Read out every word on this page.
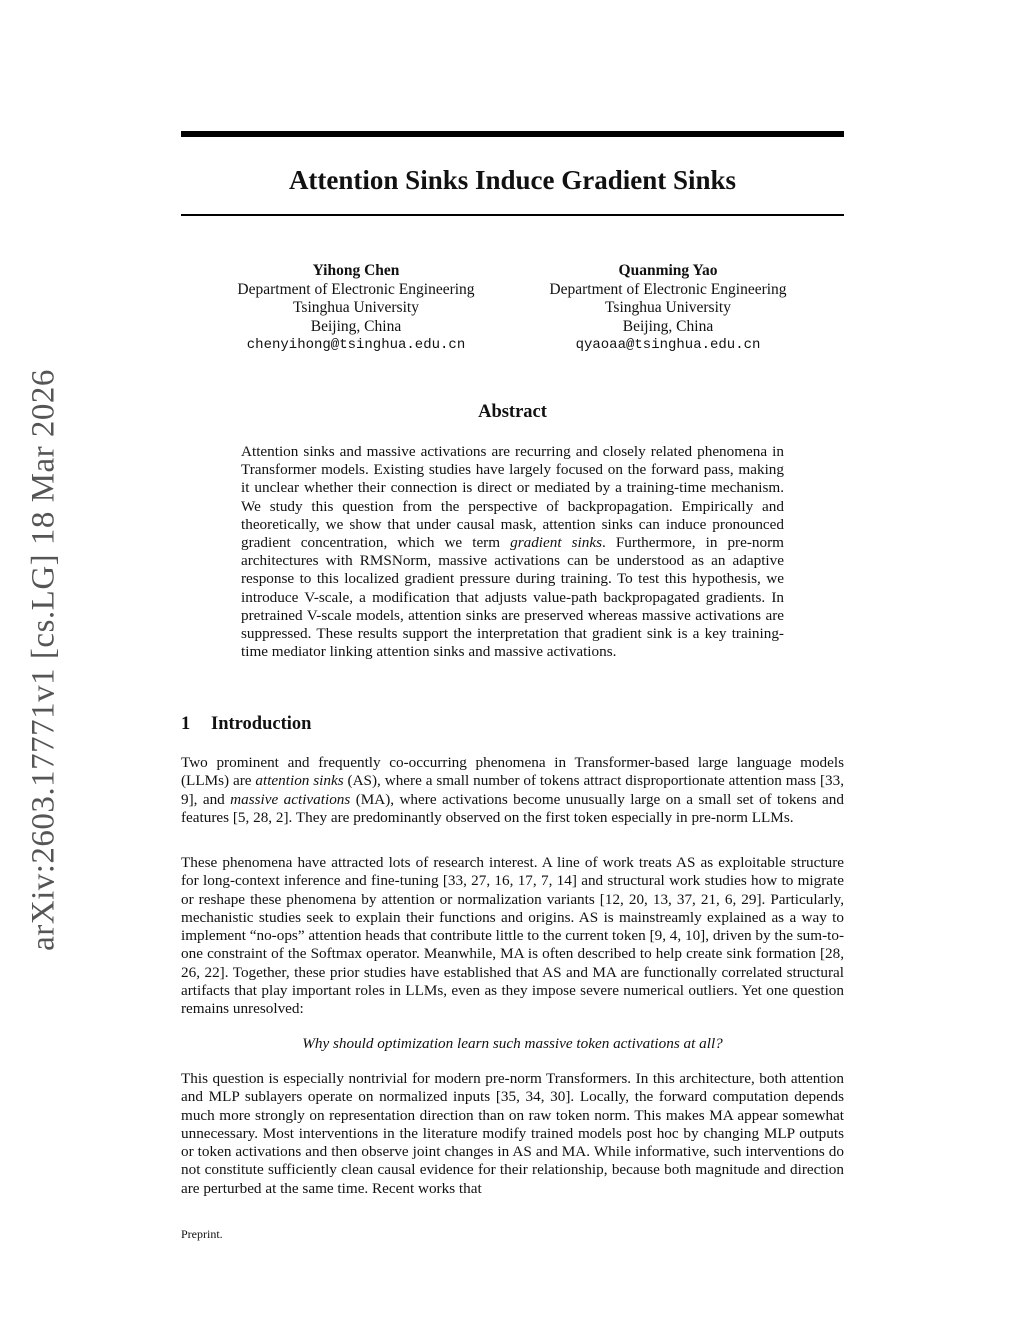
arXiv:2603.17771v1 [cs.LG] 18 Mar 2026
Attention Sinks Induce Gradient Sinks
Yihong Chen
Department of Electronic Engineering
Tsinghua University
Beijing, China
chenyihong@tsinghua.edu.cn
Quanming Yao
Department of Electronic Engineering
Tsinghua University
Beijing, China
qyaoaa@tsinghua.edu.cn
Abstract
Attention sinks and massive activations are recurring and closely related phenomena in Transformer models. Existing studies have largely focused on the forward pass, making it unclear whether their connection is direct or mediated by a training-time mechanism. We study this question from the perspective of backpropagation. Empirically and theoretically, we show that under causal mask, attention sinks can induce pronounced gradient concentration, which we term gradient sinks. Furthermore, in pre-norm architectures with RMSNorm, massive activations can be understood as an adaptive response to this localized gradient pressure during training. To test this hypothesis, we introduce V-scale, a modification that adjusts value-path backpropagated gradients. In pretrained V-scale models, attention sinks are preserved whereas massive activations are suppressed. These results support the interpretation that gradient sink is a key training-time mediator linking attention sinks and massive activations.
1 Introduction

Two prominent and frequently co-occurring phenomena in Transformer-based large language models (LLMs) are attention sinks (AS), where a small number of tokens attract disproportionate attention mass [33, 9], and massive activations (MA), where activations become unusually large on a small set of tokens and features [5, 28, 2]. They are predominantly observed on the first token especially in pre-norm LLMs.

These phenomena have attracted lots of research interest. A line of work treats AS as exploitable structure for long-context inference and fine-tuning [33, 27, 16, 17, 7, 14] and structural work studies how to migrate or reshape these phenomena by attention or normalization variants [12, 20, 13, 37, 21, 6, 29]. Particularly, mechanistic studies seek to explain their functions and origins. AS is mainstreamly explained as a way to implement “no-ops” attention heads that contribute little to the current token [9, 4, 10], driven by the sum-to-one constraint of the Softmax operator. Meanwhile, MA is often described to help create sink formation [28, 26, 22]. Together, these prior studies have established that AS and MA are functionally correlated structural artifacts that play important roles in LLMs, even as they impose severe numerical outliers. Yet one question remains unresolved:

Why should optimization learn such massive token activations at all?

This question is especially nontrivial for modern pre-norm Transformers. In this architecture, both attention and MLP sublayers operate on normalized inputs [35, 34, 30]. Locally, the forward computation depends much more strongly on representation direction than on raw token norm. This makes MA appear somewhat unnecessary. Most interventions in the literature modify trained models post hoc by changing MLP outputs or token activations and then observe joint changes in AS and MA. While informative, such interventions do not constitute sufficiently clean causal evidence for their relationship, because both magnitude and direction are perturbed at the same time. Recent works that

Preprint.
